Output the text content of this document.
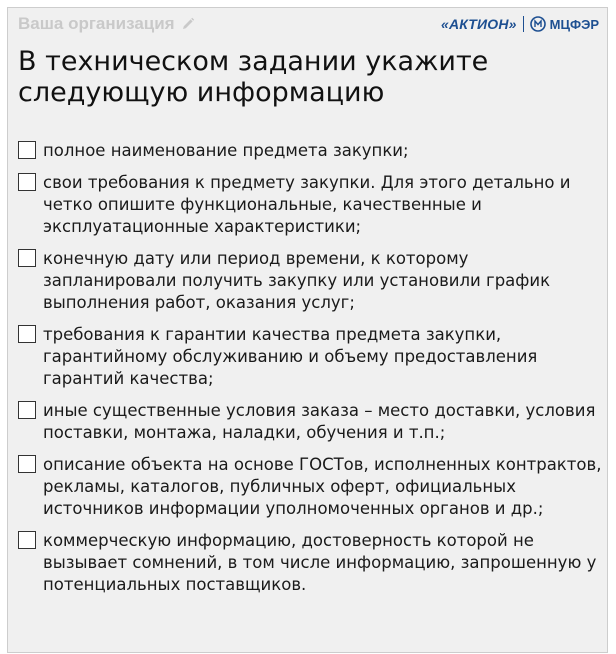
Ваша организация	«АКТИОН»	МЦФЭР
В техническом задании укажите следующую информацию
полное наименование предмета закупки;
свои требования к предмету закупки. Для этого детально и четко опишите функциональные, качественные и эксплуатационные характеристики;
конечную дату или период времени, к которому запланировали получить закупку или установили график выполнения работ, оказания услуг;
требования к гарантии качества предмета закупки, гарантийному обслуживанию и объему предоставления гарантий качества;
иные существенные условия заказа – место доставки, условия поставки, монтажа, наладки, обучения и т.п.;
описание объекта на основе ГОСТов, исполненных контрактов, рекламы, каталогов, публичных оферт, официальных источников информации уполномоченных органов и др.;
коммерческую информацию, достоверность которой не вызывает сомнений, в том числе информацию, запрошенную у потенциальных поставщиков.
